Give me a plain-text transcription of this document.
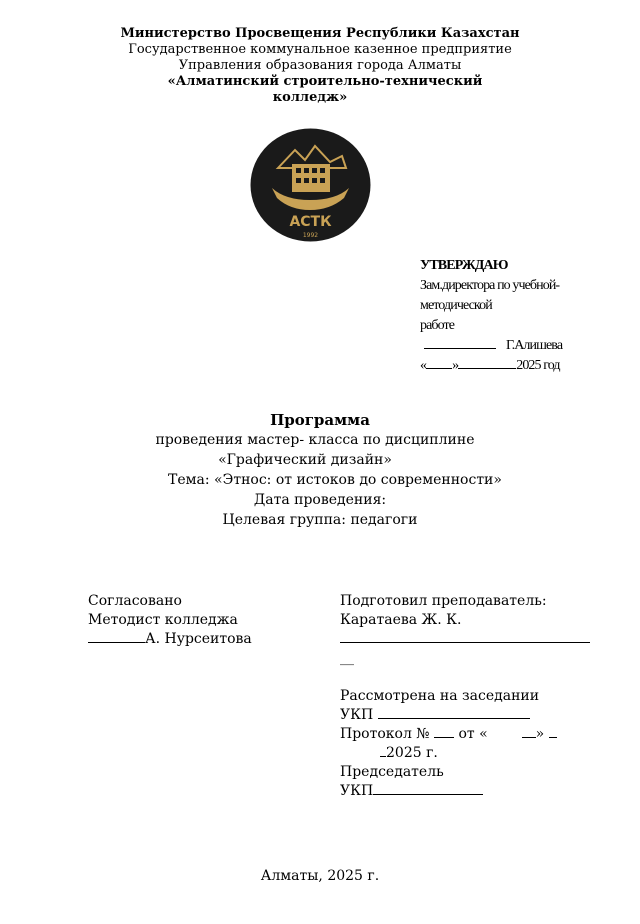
Министерство Просвещения Республики Казахстан
Государственное коммунальное казенное предприятие
Управления образования города Алматы
«Алматинский строительно-технический
колледж»
АСТК
1992
УТВЕРЖДАЮ
Зам.директора по учебной-
методической
работе
Г.Алишева
« »	2025 год
Программа
проведения мастер- класса по дисциплине
«Графический дизайн»
Тема: «Этнос: от истоков до современности»
Дата проведения:
Целевая группа: педагоги
Согласовано
Методист колледжа
А. Нурсеитова
Подготовил преподаватель:
Каратаева Ж. К.
__
Рассмотрена на заседании
УКП
Протокол № от «	»
2025 г.
Председатель
УКП
Алматы, 2025 г.
